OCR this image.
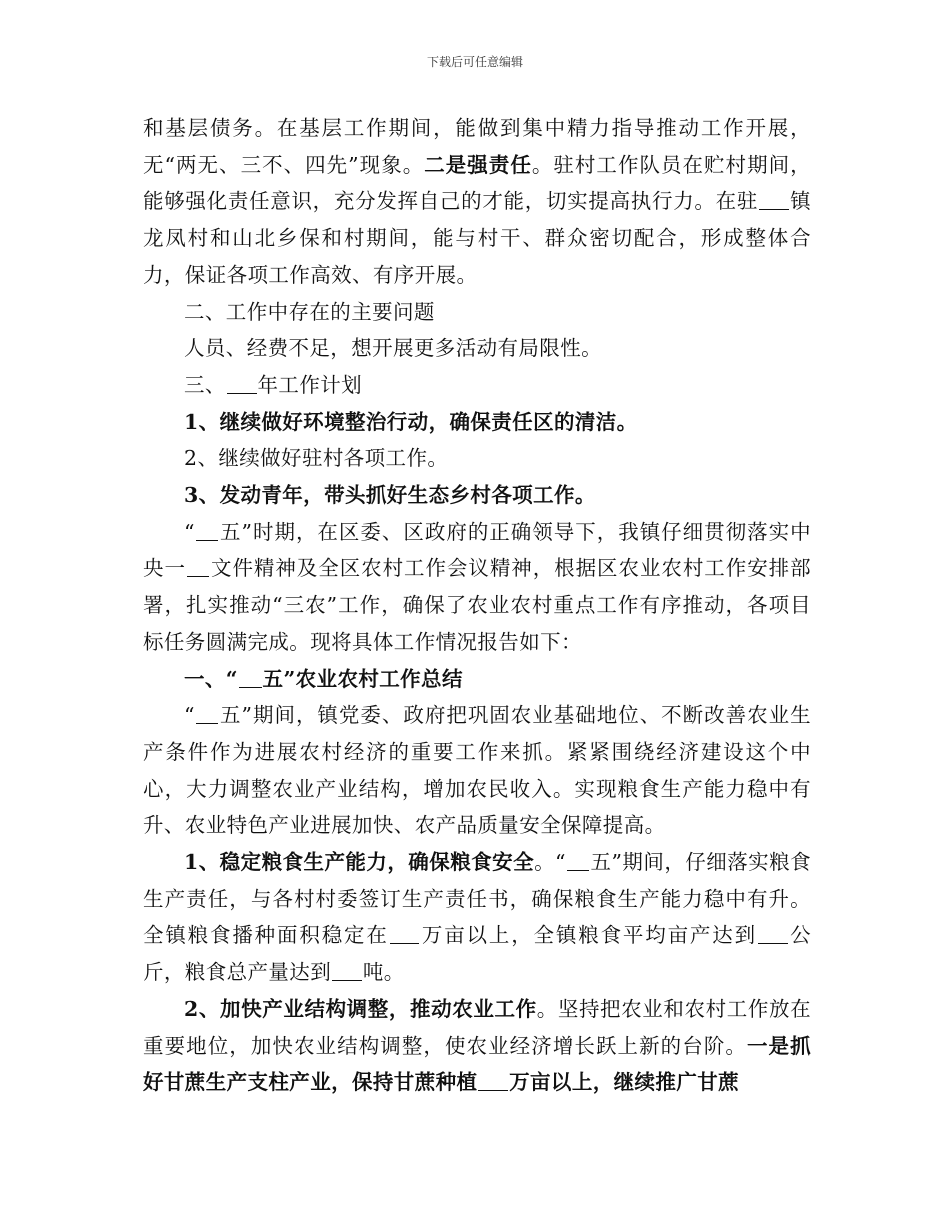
下载后可任意编辑

和基层债务。在基层工作期间，能做到集中精力指导推动工作开展，无“两无、三不、四先”现象。二是强责任。驻村工作队员在贮村期间，能够强化责任意识，充分发挥自己的才能，切实提高执行力。在驻 镇龙凤村和山北乡保和村期间，能与村干、群众密切配合，形成整体合力，保证各项工作高效、有序开展。

二、工作中存在的主要问题

人员、经费不足，想开展更多活动有局限性。

三、 年工作计划

1、继续做好环境整治行动，确保责任区的清洁。

2、继续做好驻村各项工作。

3、发动青年，带头抓好生态乡村各项工作。

“ 五”时期，在区委、区政府的正确领导下，我镇仔细贯彻落实中央一 文件精神及全区农村工作会议精神，根据区农业农村工作安排部署，扎实推动“三农”工作，确保了农业农村重点工作有序推动，各项目标任务圆满完成。现将具体工作情况报告如下：

一、“ 五”农业农村工作总结

“ 五”期间，镇党委、政府把巩固农业基础地位、不断改善农业生产条件作为进展农村经济的重要工作来抓。紧紧围绕经济建设这个中心，大力调整农业产业结构，增加农民收入。实现粮食生产能力稳中有升、农业特色产业进展加快、农产品质量安全保障提高。

1、稳定粮食生产能力，确保粮食安全。“ 五”期间，仔细落实粮食生产责任，与各村村委签订生产责任书，确保粮食生产能力稳中有升。全镇粮食播种面积稳定在 万亩以上，全镇粮食平均亩产达到 公斤，粮食总产量达到 吨。

2、加快产业结构调整，推动农业工作。坚持把农业和农村工作放在重要地位，加快农业结构调整，使农业经济增长跃上新的台阶。一是抓好甘蔗生产支柱产业，保持甘蔗种植 万亩以上，继续推广甘蔗
